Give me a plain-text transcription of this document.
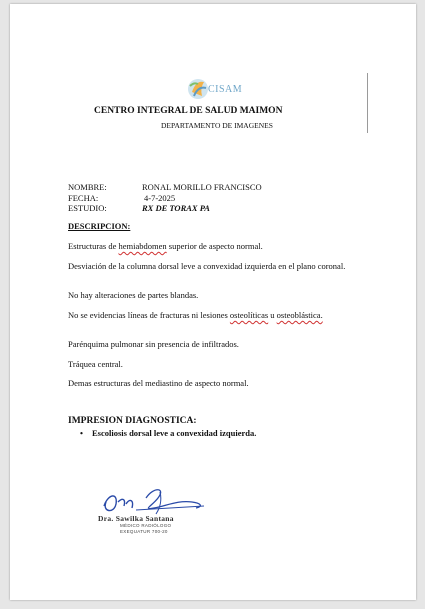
CISAM
CENTRO INTEGRAL DE SALUD MAIMON
DEPARTAMENTO DE IMAGENES
NOMBRE:	RONAL MORILLO FRANCISCO
FECHA:	4-7-2025
ESTUDIO:	RX DE TORAX PA
DESCRIPCION:
Estructuras de hemiabdomen superior de aspecto normal.
Desviación de la columna dorsal leve a convexidad izquierda en el plano coronal.
No hay alteraciones de partes blandas.
No se evidencias líneas de fracturas ni lesiones osteolíticas u osteoblástica.
Parénquima pulmonar sin presencia de infiltrados.
Tráquea central.
Demas estructuras del mediastino de aspecto normal.
IMPRESION DIAGNOSTICA:
• Escoliosis dorsal leve a convexidad izquierda.
Dra. Sawilka Santana
MÉDICO RADIÓLOGO
EXEQUATUR 700-20
